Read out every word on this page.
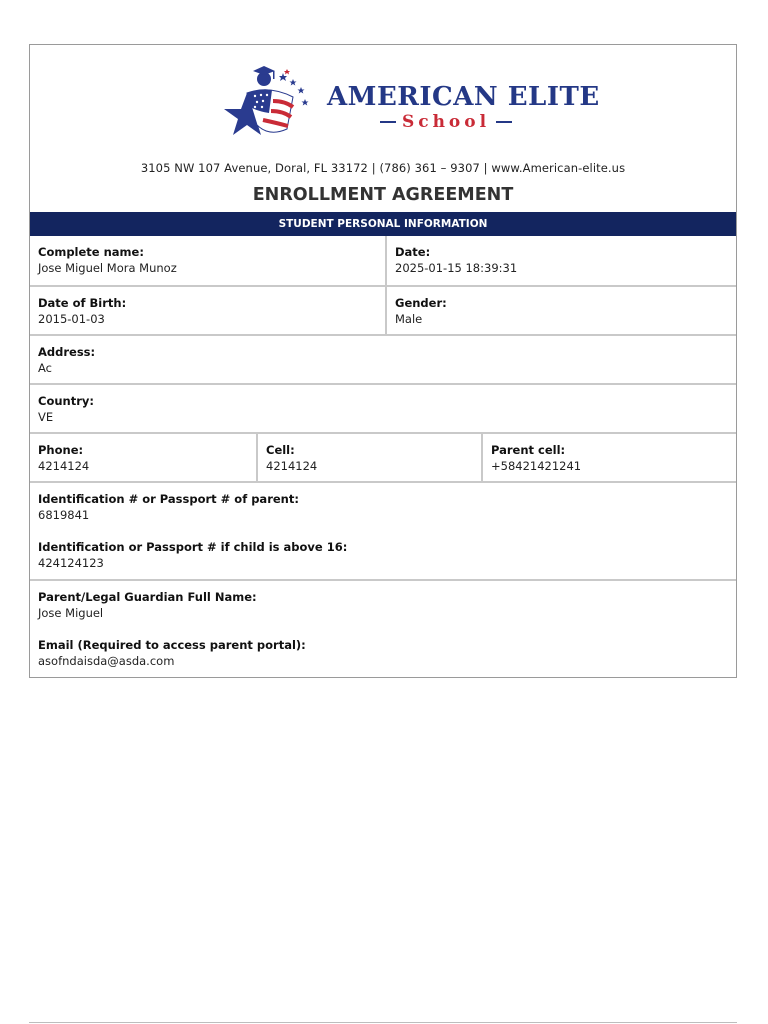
AMERICAN ELITE
School
3105 NW 107 Avenue, Doral, FL 33172 | (786) 361 – 9307 | www.American-elite.us
ENROLLMENT AGREEMENT
STUDENT PERSONAL INFORMATION
Complete name:
Jose Miguel Mora Munoz
Date:
2025-01-15 18:39:31
Date of Birth:
2015-01-03
Gender:
Male
Address:
Ac
Country:
VE
Phone:
4214124
Cell:
4214124
Parent cell:
+58421421241
Identification # or Passport # of parent:
6819841
Identification or Passport # if child is above 16:
424124123
Parent/Legal Guardian Full Name:
Jose Miguel
Email (Required to access parent portal):
asofndaisda@asda.com
